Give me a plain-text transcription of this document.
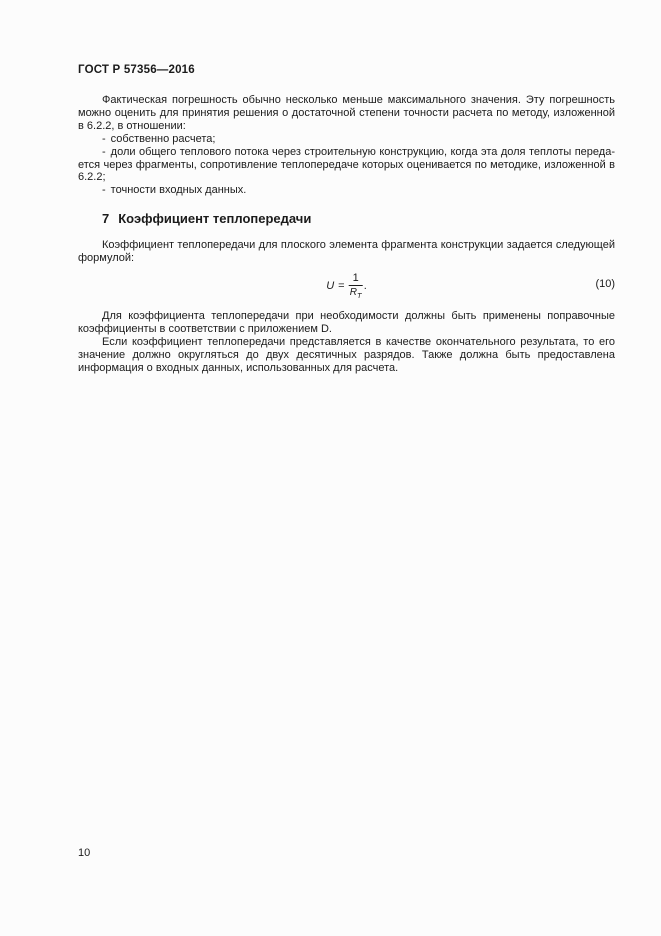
ГОСТ Р 57356—2016

Фактическая погрешность обычно несколько меньше максимального значения. Эту погрешность можно оценить для принятия решения о достаточной степени точности расчета по методу, изложенной в 6.2.2, в отношении:

- собственно расчета;

- доли общего теплового потока через строительную конструкцию, когда эта доля теплоты передается через фрагменты, сопротивление теплопередаче которых оценивается по методике, изложенной в 6.2.2;

- точности входных данных.

7 Коэффициент теплопередачи

Коэффициент теплопередачи для плоского элемента фрагмента конструкции задается следующей формулой:

$U = \frac{1}{R_T}$ .	(10)

Для коэффициента теплопередачи при необходимости должны быть применены поправочные коэффициенты в соответствии с приложением D.

Если коэффициент теплопередачи представляется в качестве окончательного результата, то его значение должно округляться до двух десятичных разрядов. Также должна быть предоставлена информация о входных данных, использованных для расчета.

10
